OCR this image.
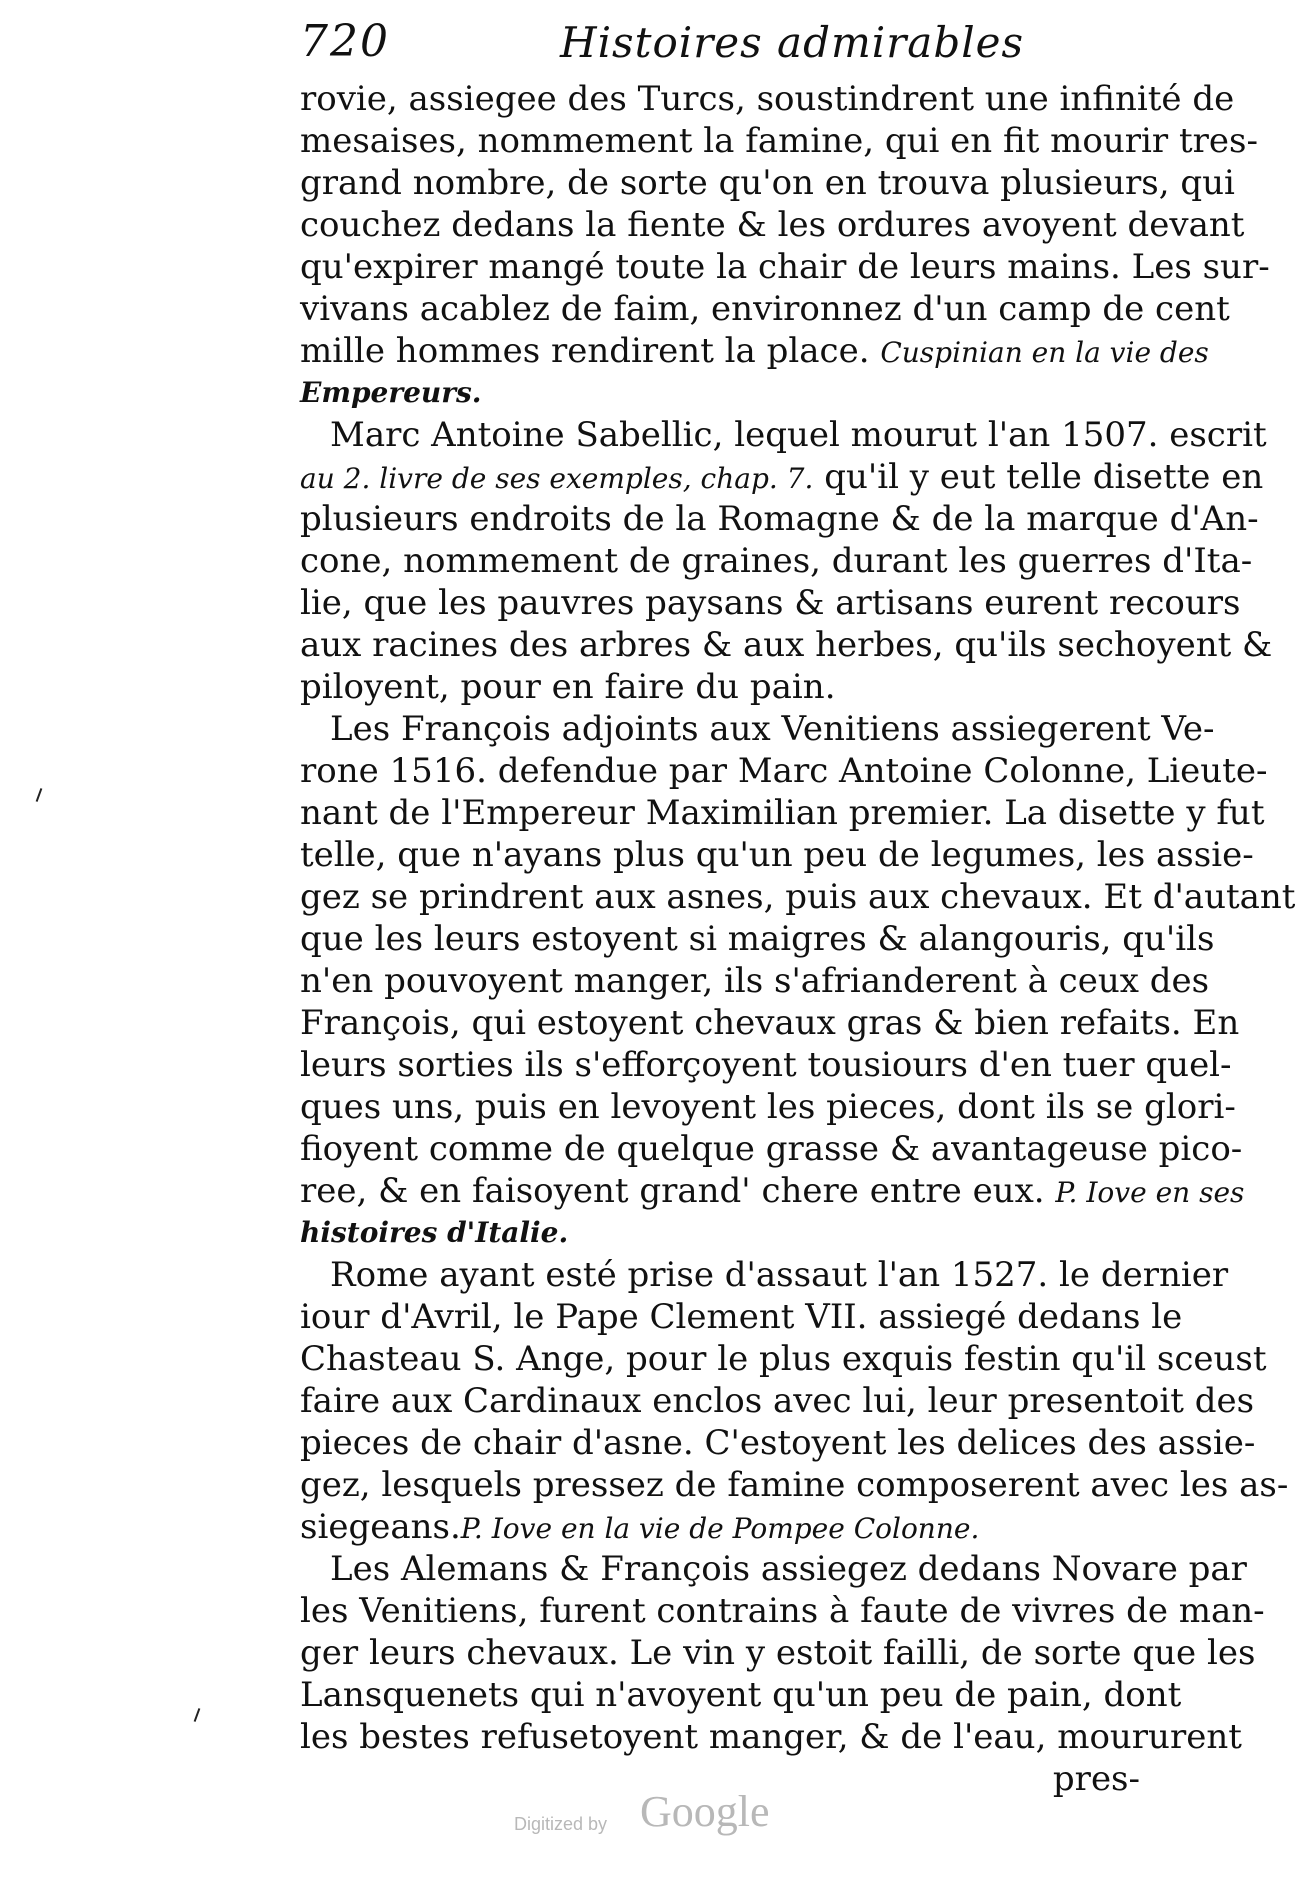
720	Histoires admirables
rovie, assiegee des Turcs, soustindrent une infinité de
mesaises, nommement la famine, qui en fit mourir tres-
grand nombre, de sorte qu'on en trouva plusieurs, qui
couchez dedans la fiente & les ordures avoyent devant
qu'expirer mangé toute la chair de leurs mains. Les sur-
vivans acablez de faim, environnez d'un camp de cent
mille hommes rendirent la place. Cuspinian en la vie des
Empereurs.
Marc Antoine Sabellic, lequel mourut l'an 1507. escrit
au 2. livre de ses exemples, chap. 7. qu'il y eut telle disette en
plusieurs endroits de la Romagne & de la marque d'An-
cone, nommement de graines, durant les guerres d'Ita-
lie, que les pauvres paysans & artisans eurent recours
aux racines des arbres & aux herbes, qu'ils sechoyent &
piloyent, pour en faire du pain.
Les François adjoints aux Venitiens assiegerent Ve-
rone 1516. defendue par Marc Antoine Colonne, Lieute-
nant de l'Empereur Maximilian premier. La disette y fut
telle, que n'ayans plus qu'un peu de legumes, les assie-
gez se prindrent aux asnes, puis aux chevaux. Et d'autant
que les leurs estoyent si maigres & alangouris, qu'ils
n'en pouvoyent manger, ils s'afrianderent à ceux des
François, qui estoyent chevaux gras & bien refaits. En
leurs sorties ils s'efforçoyent tousiours d'en tuer quel-
ques uns, puis en levoyent les pieces, dont ils se glori-
fioyent comme de quelque grasse & avantageuse pico-
ree, & en faisoyent grand' chere entre eux. P. Iove en ses
histoires d'Italie.
Rome ayant esté prise d'assaut l'an 1527. le dernier
iour d'Avril, le Pape Clement VII. assiegé dedans le
Chasteau S. Ange, pour le plus exquis festin qu'il sceust
faire aux Cardinaux enclos avec lui, leur presentoit des
pieces de chair d'asne. C'estoyent les delices des assie-
gez, lesquels pressez de famine composerent avec les as-
siegeans.P. Iove en la vie de Pompee Colonne.
Les Alemans & François assiegez dedans Novare par
les Venitiens, furent contrains à faute de vivres de man-
ger leurs chevaux. Le vin y estoit failli, de sorte que les
Lansquenets qui n'avoyent qu'un peu de pain, dont
les bestes refusetoyent manger, & de l'eau, moururent
pres-
Digitized by Google
